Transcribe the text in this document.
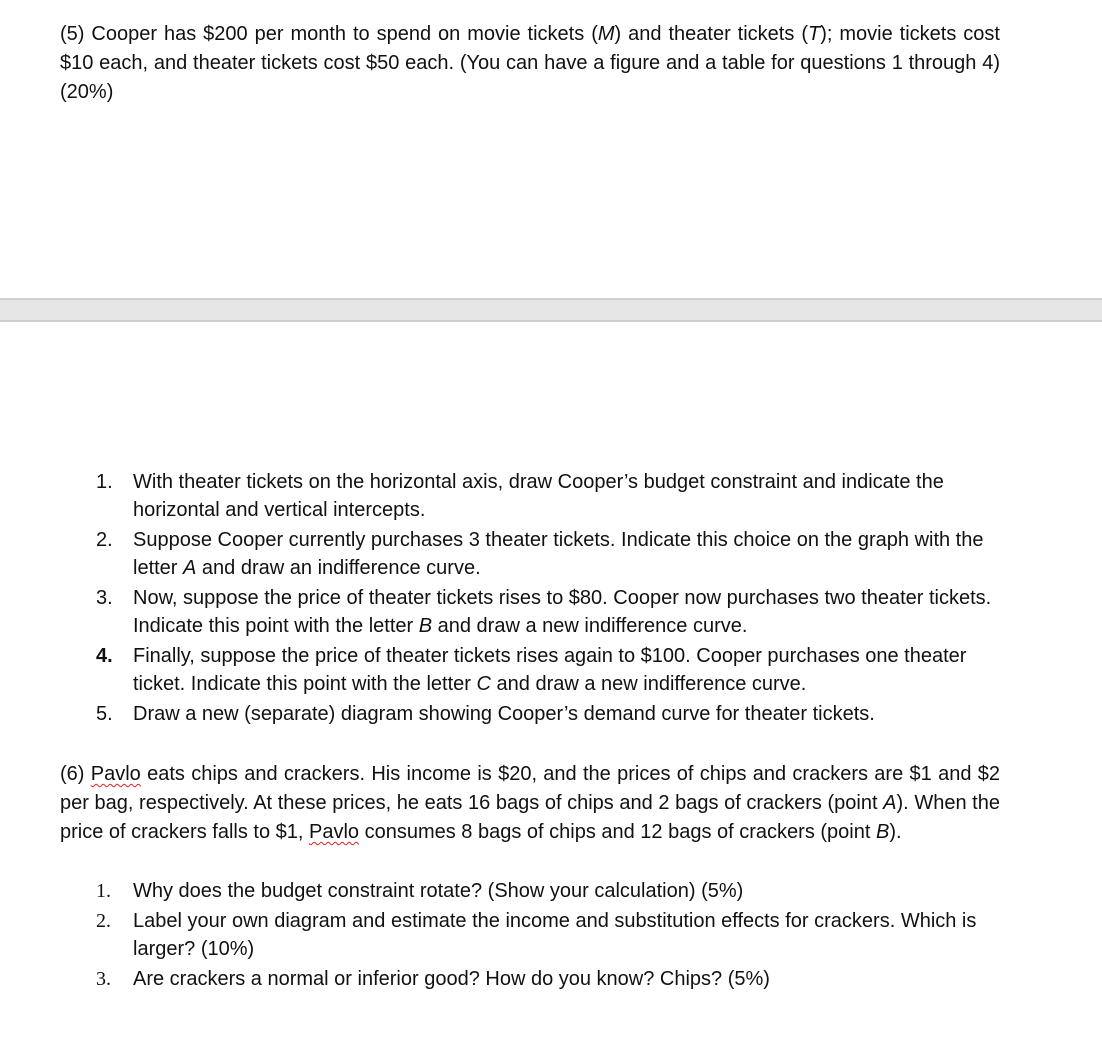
(5) Cooper has $200 per month to spend on movie tickets (M) and theater tickets (T); movie tickets cost $10 each, and theater tickets cost $50 each. (You can have a figure and a table for questions 1 through 4) (20%)

1. With theater tickets on the horizontal axis, draw Cooper’s budget constraint and indicate the horizontal and vertical intercepts.
2. Suppose Cooper currently purchases 3 theater tickets. Indicate this choice on the graph with the letter A and draw an indifference curve.
3. Now, suppose the price of theater tickets rises to $80. Cooper now purchases two theater tickets. Indicate this point with the letter B and draw a new indifference curve.
4. Finally, suppose the price of theater tickets rises again to $100. Cooper purchases one theater ticket. Indicate this point with the letter C and draw a new indifference curve.
5. Draw a new (separate) diagram showing Cooper’s demand curve for theater tickets.

(6) Pavlo eats chips and crackers. His income is $20, and the prices of chips and crackers are $1 and $2 per bag, respectively. At these prices, he eats 16 bags of chips and 2 bags of crackers (point A). When the price of crackers falls to $1, Pavlo consumes 8 bags of chips and 12 bags of crackers (point B).

1. Why does the budget constraint rotate? (Show your calculation) (5%)
2. Label your own diagram and estimate the income and substitution effects for crackers. Which is larger? (10%)
3. Are crackers a normal or inferior good? How do you know? Chips? (5%)
